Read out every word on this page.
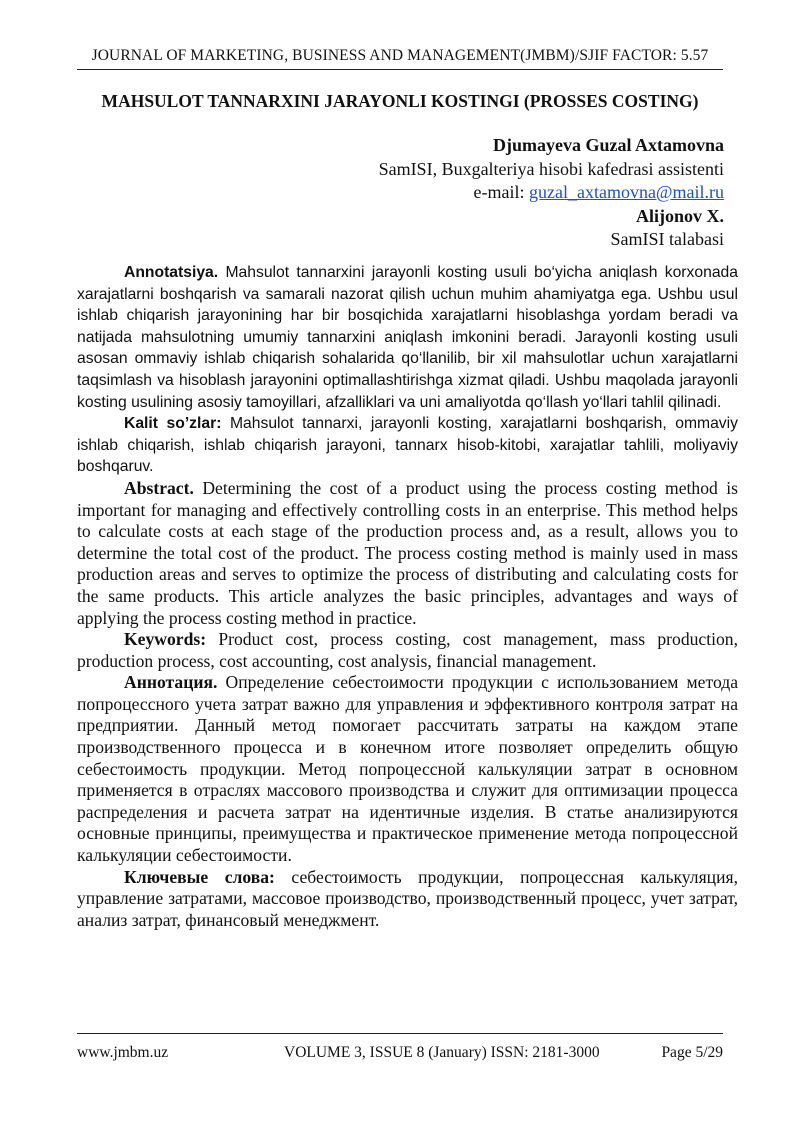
JOURNAL OF MARKETING, BUSINESS AND MANAGEMENT(JMBM)/SJIF FACTOR: 5.57
MAHSULOT TANNARXINI JARAYONLI KOSTINGI (PROSSES COSTING)
Djumayeva Guzal Axtamovna
SamISI, Buxgalteriya hisobi kafedrasi assistenti
e-mail: guzal_axtamovna@mail.ru
Alijonov X.
SamISI talabasi

Annotatsiya. Mahsulot tannarxini jarayonli kosting usuli bo‘yicha aniqlash korxonada xarajatlarni boshqarish va samarali nazorat qilish uchun muhim ahamiyatga ega. Ushbu usul ishlab chiqarish jarayonining har bir bosqichida xarajatlarni hisoblashga yordam beradi va natijada mahsulotning umumiy tannarxini aniqlash imkonini beradi. Jarayonli kosting usuli asosan ommaviy ishlab chiqarish sohalarida qo‘llanilib, bir xil mahsulotlar uchun xarajatlarni taqsimlash va hisoblash jarayonini optimallashtirishga xizmat qiladi. Ushbu maqolada jarayonli kosting usulining asosiy tamoyillari, afzalliklari va uni amaliyotda qo‘llash yo‘llari tahlil qilinadi.

Kalit so’zlar: Mahsulot tannarxi, jarayonli kosting, xarajatlarni boshqarish, ommaviy ishlab chiqarish, ishlab chiqarish jarayoni, tannarx hisob-kitobi, xarajatlar tahlili, moliyaviy boshqaruv.

Abstract. Determining the cost of a product using the process costing method is important for managing and effectively controlling costs in an enterprise. This method helps to calculate costs at each stage of the production process and, as a result, allows you to determine the total cost of the product. The process costing method is mainly used in mass production areas and serves to optimize the process of distributing and calculating costs for the same products. This article analyzes the basic principles, advantages and ways of applying the process costing method in practice.

Keywords: Product cost, process costing, cost management, mass production, production process, cost accounting, cost analysis, financial management.

Аннотация. Определение себестоимости продукции с использованием метода попроцессного учета затрат важно для управления и эффективного контроля затрат на предприятии. Данный метод помогает рассчитать затраты на каждом этапе производственного процесса и в конечном итоге позволяет определить общую себестоимость продукции. Метод попроцессной калькуляции затрат в основном применяется в отраслях массового производства и служит для оптимизации процесса распределения и расчета затрат на идентичные изделия. В статье анализируются основные принципы, преимущества и практическое применение метода попроцессной калькуляции себестоимости.

Ключевые слова: себестоимость продукции, попроцессная калькуляция, управление затратами, массовое производство, производственный процесс, учет затрат, анализ затрат, финансовый менеджмент.

www.jmbm.uz	VOLUME 3, ISSUE 8 (January) ISSN: 2181-3000	Page 5/29
